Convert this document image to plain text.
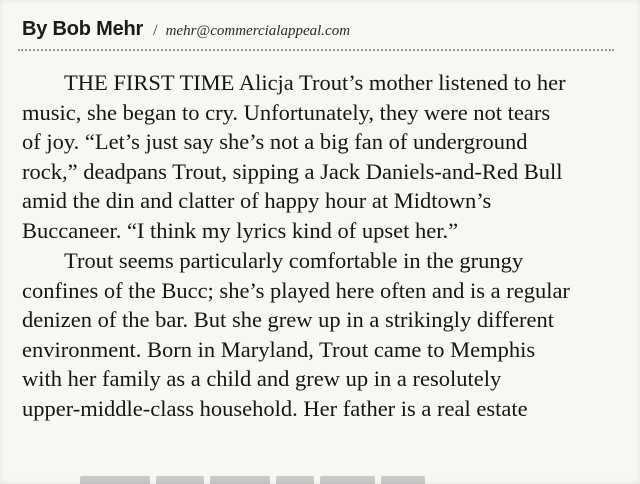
By Bob Mehr / mehr@commercialappeal.com
THE FIRST TIME Alicja Trout’s mother listened to her
music, she began to cry. Unfortunately, they were not tears
of joy. “Let’s just say she’s not a big fan of underground
rock,” deadpans Trout, sipping a Jack Daniels-and-Red Bull
amid the din and clatter of happy hour at Midtown’s
Buccaneer. “I think my lyrics kind of upset her.”
Trout seems particularly comfortable in the grungy
confines of the Bucc; she’s played here often and is a regular
denizen of the bar. But she grew up in a strikingly different
environment. Born in Maryland, Trout came to Memphis
with her family as a child and grew up in a resolutely
upper-middle-class household. Her father is a real estate
